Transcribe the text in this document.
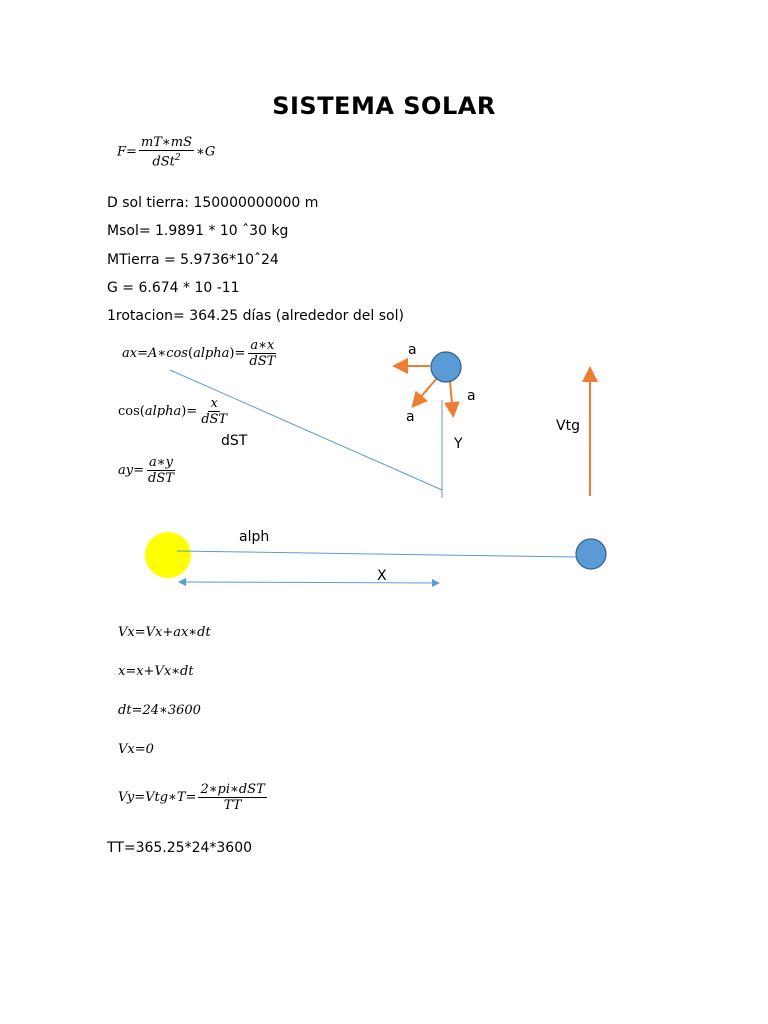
SISTEMA SOLAR
$F= \frac{mT∗mS}{dSt^2}$ ∗G
D sol tierra: 150000000000 m
Msol= 1.9891 * 10 ˆ30 kg
MTierra = 5.9736*10ˆ24
G = 6.674 * 10 -11
1rotacion= 364.25 días (alrededor del sol)
ax=A∗cos(alpha)= $\frac{a∗x}{\text{dST}}$
cos(alpha)= $\frac{x}{\text{dST}}$
dST
$ay= \frac{a∗y}{\text{dST}}$
a
a
a
Y
Vtg
alph
X
Vx=Vx+ax∗dt
x=x+Vx∗dt
dt=24∗3600
Vx=0
Vy=Vtg∗T= $\frac{\text{2∗pi∗dST}}{TT}$
TT=365.25*24*3600
